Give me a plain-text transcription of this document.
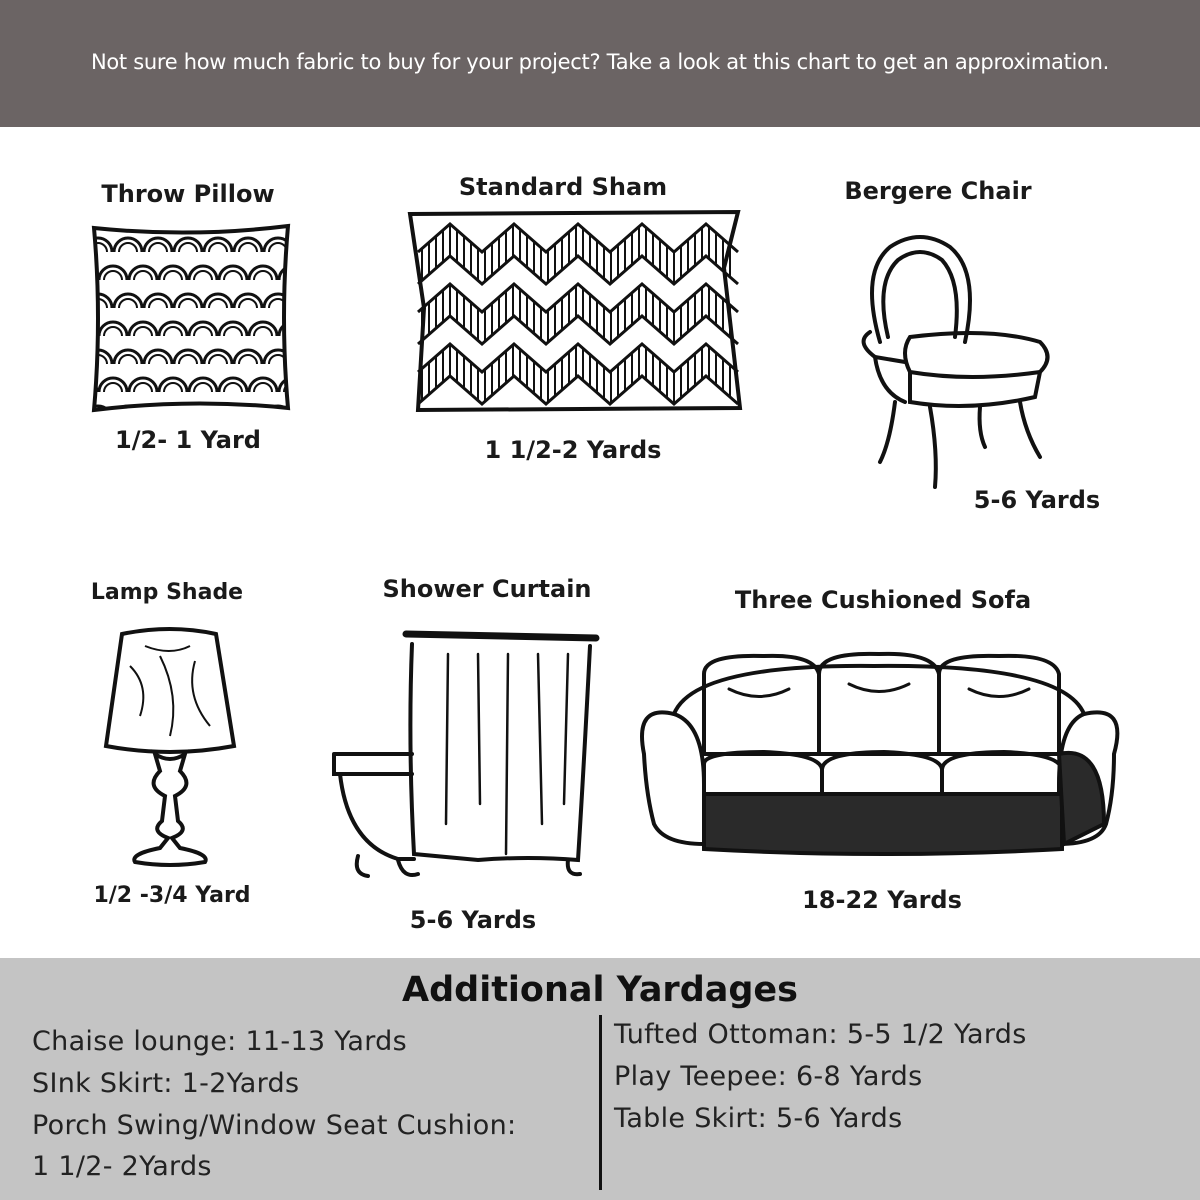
Not sure how much fabric to buy for your project? Take a look at this chart to get an approximation.
Throw Pillow
1/2- 1 Yard
Standard Sham
1 1/2-2 Yards
Bergere Chair
5-6 Yards
Lamp Shade
1/2 -3/4 Yard
Shower Curtain
5-6 Yards
Three Cushioned Sofa
18-22 Yards
Additional Yardages
Chaise lounge: 11-13 Yards
SInk Skirt: 1-2Yards
Porch Swing/Window Seat Cushion:
1 1/2- 2Yards
Tufted Ottoman: 5-5 1/2 Yards
Play Teepee: 6-8 Yards
Table Skirt: 5-6 Yards
